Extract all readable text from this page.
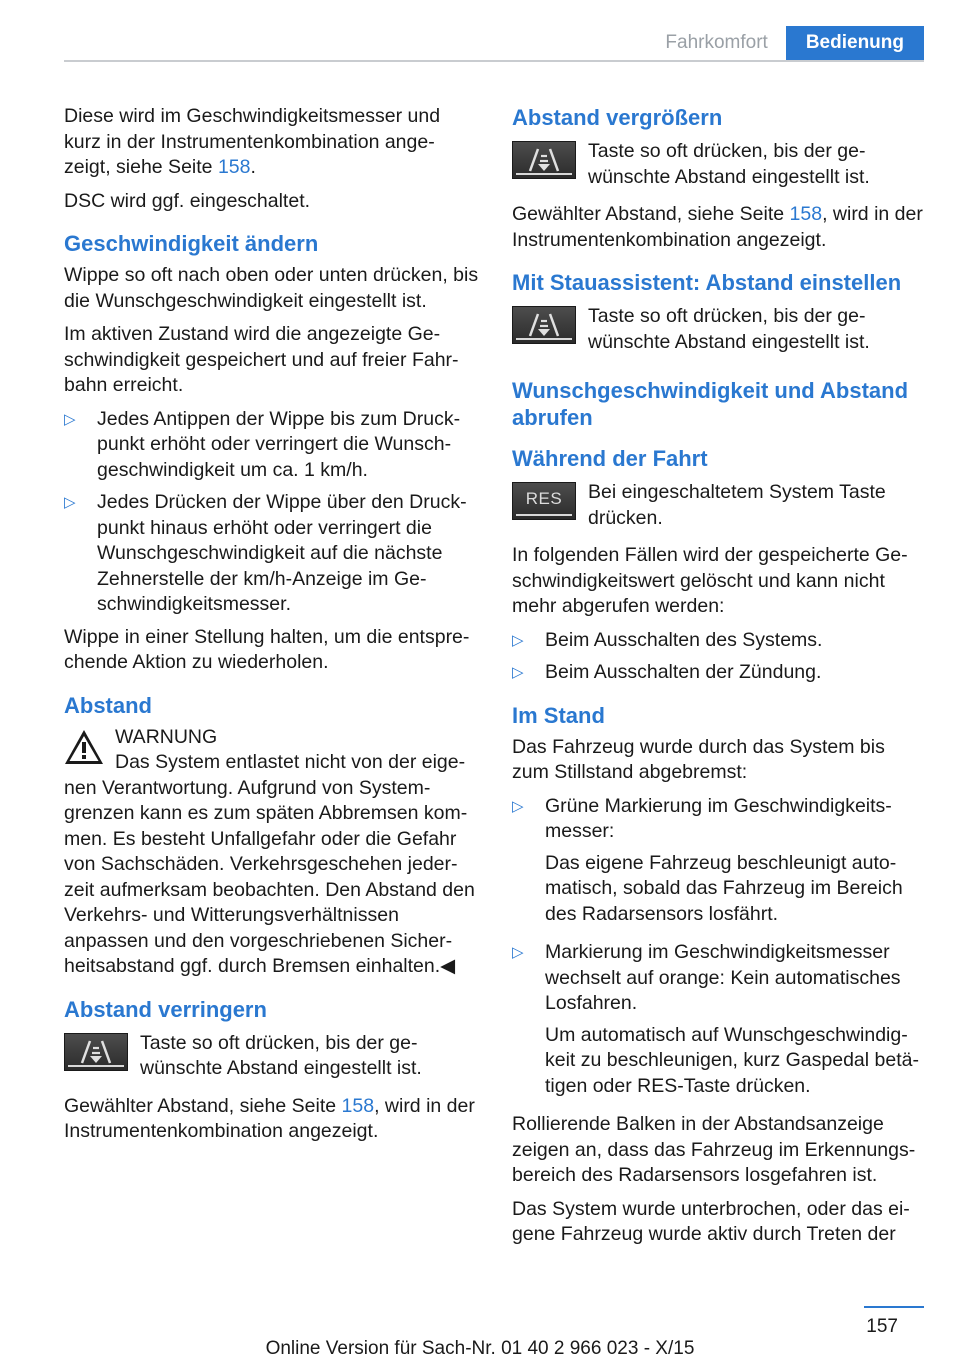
Fahrkomfort	Bedienung

Diese wird im Geschwindigkeitsmesser und kurz in der Instrumentenkombination ange-zeigt, siehe Seite 158.

DSC wird ggf. eingeschaltet.

Geschwindigkeit ändern

Wippe so oft nach oben oder unten drücken, bis die Wunschgeschwindigkeit eingestellt ist.

Im aktiven Zustand wird die angezeigte Ge-schwindigkeit gespeichert und auf freier Fahr-bahn erreicht.

▷	Jedes Antippen der Wippe bis zum Druck-punkt erhöht oder verringert die Wunsch-geschwindigkeit um ca. 1 km/h.
▷	Jedes Drücken der Wippe über den Druck-punkt hinaus erhöht oder verringert die Wunschgeschwindigkeit auf die nächste Zehnerstelle der km/h-Anzeige im Ge-schwindigkeitsmesser.

Wippe in einer Stellung halten, um die entspre-chende Aktion zu wiederholen.

Abstand
WARNUNG
Das System entlastet nicht von der eige-nen Verantwortung. Aufgrund von System-grenzen kann es zum späten Abbremsen kom-men. Es besteht Unfallgefahr oder die Gefahr von Sachschäden. Verkehrsgeschehen jeder-zeit aufmerksam beobachten. Den Abstand den Verkehrs- und Witterungsverhältnissen anpassen und den vorgeschriebenen Sicher-heitsabstand ggf. durch Bremsen einhalten.◀
Abstand verringern
Taste so oft drücken, bis der ge-wünschte Abstand eingestellt ist.

Gewählter Abstand, siehe Seite 158, wird in der Instrumentenkombination angezeigt.

Abstand vergrößern
Taste so oft drücken, bis der ge-wünschte Abstand eingestellt ist.

Gewählter Abstand, siehe Seite 158, wird in der Instrumentenkombination angezeigt.

Mit Stauassistent: Abstand einstellen
Taste so oft drücken, bis der ge-wünschte Abstand eingestellt ist.
Wunschgeschwindigkeit und Abstand abrufen
Während der Fahrt
RES Bei eingeschaltetem System Taste drücken.

In folgenden Fällen wird der gespeicherte Ge-schwindigkeitswert gelöscht und kann nicht mehr abgerufen werden:

▷	Beim Ausschalten des Systems.
▷	Beim Ausschalten der Zündung.
Im Stand

Das Fahrzeug wurde durch das System bis zum Stillstand abgebremst:

▷	Grüne Markierung im Geschwindigkeits-messer:

Das eigene Fahrzeug beschleunigt auto-matisch, sobald das Fahrzeug im Bereich des Radarsensors losfährt.

▷	Markierung im Geschwindigkeitsmesser wechselt auf orange: Kein automatisches Losfahren.

Um automatisch auf Wunschgeschwindig-keit zu beschleunigen, kurz Gaspedal betä-tigen oder RES-Taste drücken.

Rollierende Balken in der Abstandsanzeige zeigen an, dass das Fahrzeug im Erkennungs-bereich des Radarsensors losgefahren ist.

Das System wurde unterbrochen, oder das ei-gene Fahrzeug wurde aktiv durch Treten der

157
Online Version für Sach-Nr. 01 40 2 966 023 - X/15
